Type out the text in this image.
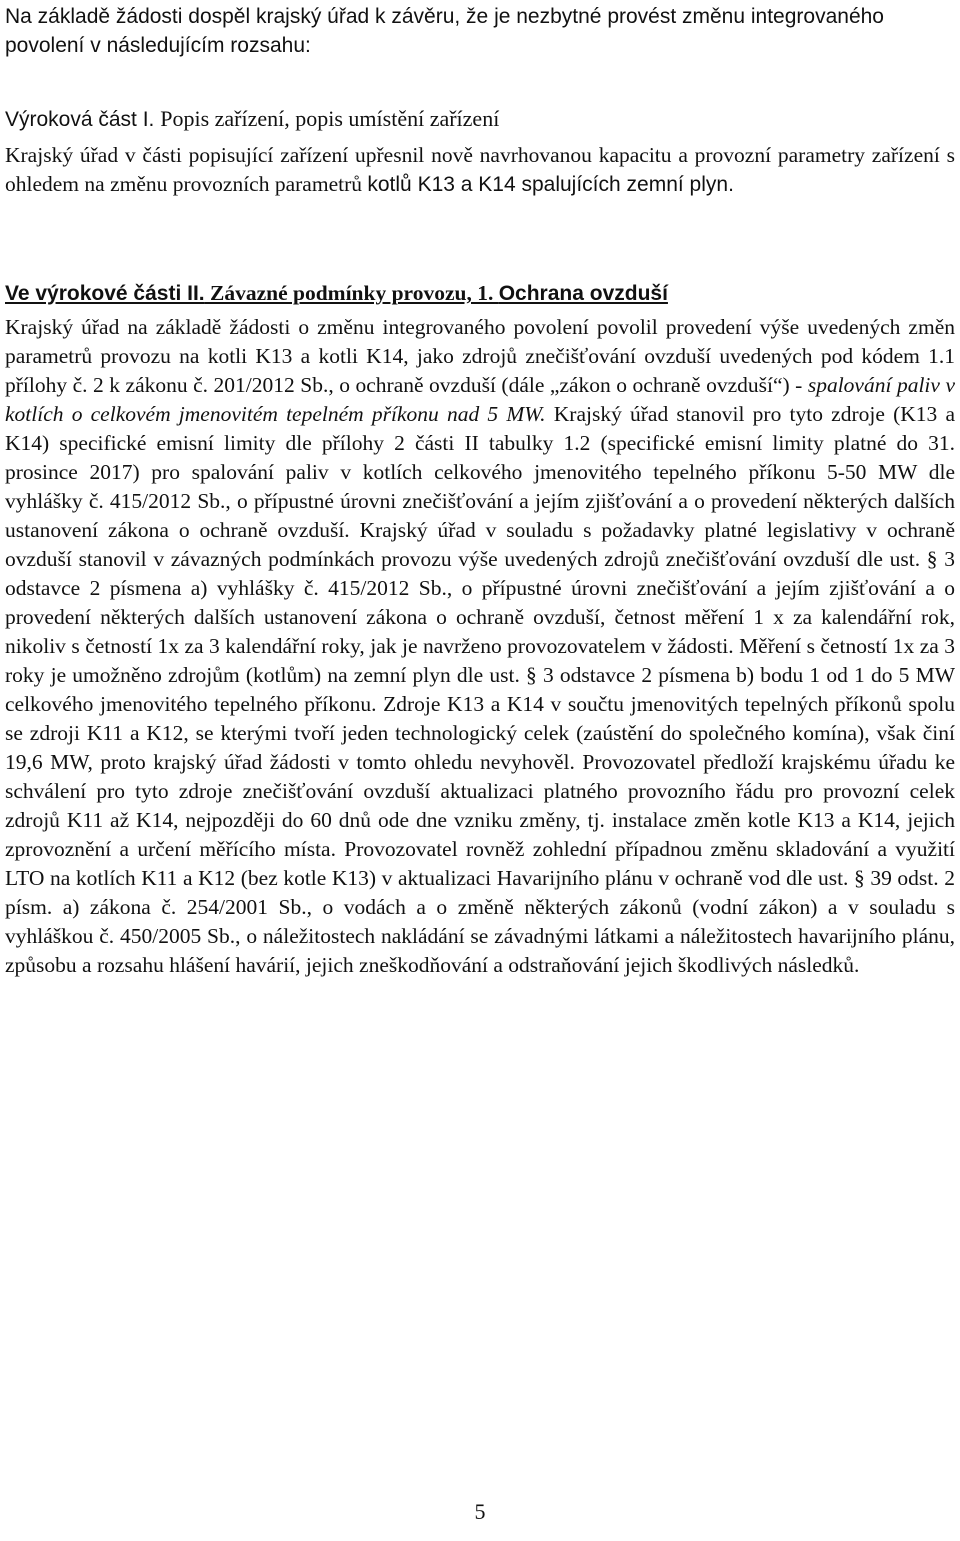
Na základě žádosti dospěl krajský úřad k závěru, že je nezbytné provést změnu integrovaného povolení v následujícím rozsahu:

Výroková část I. Popis zařízení, popis umístění zařízení

Krajský úřad v části popisující zařízení upřesnil nově navrhovanou kapacitu a provozní parametry zařízení s ohledem na změnu provozních parametrů kotlů K13 a K14 spalujících zemní plyn.

Ve výrokové části II. Závazné podmínky provozu, 1. Ochrana ovzduší

Krajský úřad na základě žádosti o změnu integrovaného povolení povolil provedení výše uvedených změn parametrů provozu na kotli K13 a kotli K14, jako zdrojů znečišťování ovzduší uvedených pod kódem 1.1 přílohy č. 2 k zákonu č. 201/2012 Sb., o ochraně ovzduší (dále „zákon o ochraně ovzduší“) - spalování paliv v kotlích o celkovém jmenovitém tepelném příkonu nad 5 MW. Krajský úřad stanovil pro tyto zdroje (K13 a K14) specifické emisní limity dle přílohy 2 části II tabulky 1.2 (specifické emisní limity platné do 31. prosince 2017) pro spalování paliv v kotlích celkového jmenovitého tepelného příkonu 5-50 MW dle vyhlášky č. 415/2012 Sb., o přípustné úrovni znečišťování a jejím zjišťování a o provedení některých dalších ustanovení zákona o ochraně ovzduší. Krajský úřad v souladu s požadavky platné legislativy v ochraně ovzduší stanovil v závazných podmínkách provozu výše uvedených zdrojů znečišťování ovzduší dle ust. § 3 odstavce 2 písmena a) vyhlášky č. 415/2012 Sb., o přípustné úrovni znečišťování a jejím zjišťování a o provedení některých dalších ustanovení zákona o ochraně ovzduší, četnost měření 1 x za kalendářní rok, nikoliv s četností 1x za 3 kalendářní roky, jak je navrženo provozovatelem v žádosti. Měření s četností 1x za 3 roky je umožněno zdrojům (kotlům) na zemní plyn dle ust. § 3 odstavce 2 písmena b) bodu 1 od 1 do 5 MW celkového jmenovitého tepelného příkonu. Zdroje K13 a K14 v součtu jmenovitých tepelných příkonů spolu se zdroji K11 a K12, se kterými tvoří jeden technologický celek (zaústění do společného komína), však činí 19,6 MW, proto krajský úřad žádosti v tomto ohledu nevyhověl. Provozovatel předloží krajskému úřadu ke schválení pro tyto zdroje znečišťování ovzduší aktualizaci platného provozního řádu pro provozní celek zdrojů K11 až K14, nejpozději do 60 dnů ode dne vzniku změny, tj. instalace změn kotle K13 a K14, jejich zprovoznění a určení měřícího místa. Provozovatel rovněž zohlední případnou změnu skladování a využití LTO na kotlích K11 a K12 (bez kotle K13) v aktualizaci Havarijního plánu v ochraně vod dle ust. § 39 odst. 2 písm. a) zákona č. 254/2001 Sb., o vodách a o změně některých zákonů (vodní zákon) a v souladu s vyhláškou č. 450/2005 Sb., o náležitostech nakládání se závadnými látkami a náležitostech havarijního plánu, způsobu a rozsahu hlášení havárií, jejich zneškodňování a odstraňování jejich škodlivých následků.

5
